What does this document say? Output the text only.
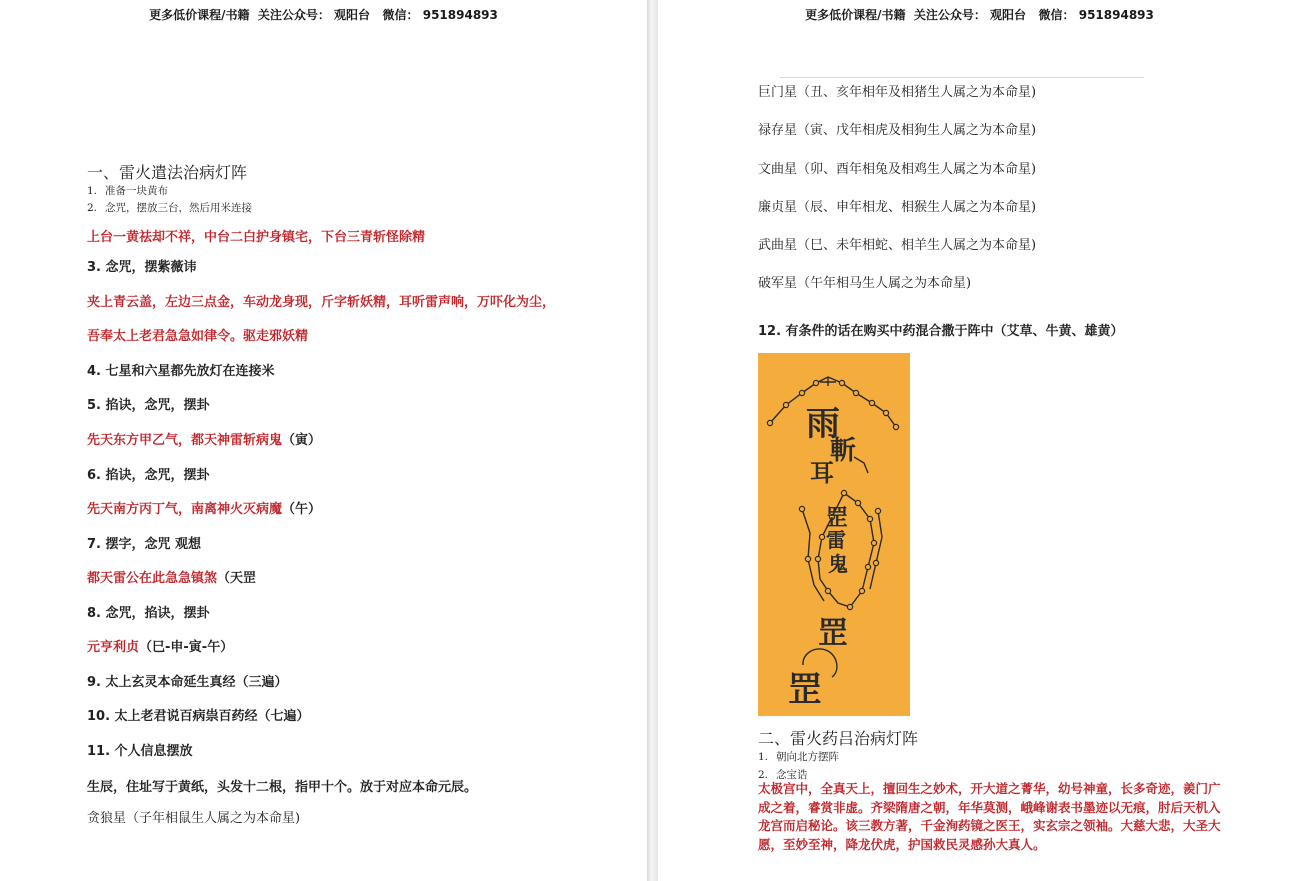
更多低价课程/书籍  关注公众号： 观阳台   微信： 951894893
一、雷火遣法治病灯阵
1. 准备一块黄布
2. 念咒，摆放三台，然后用米连接
上台一黄祛却不祥，中台二白护身镇宅，下台三青斩怪除精
3. 念咒，摆紫薇讳
夹上青云盖，左边三点金，车动龙身现，斤字斩妖精，耳听雷声响，万吓化为尘，
吾奉太上老君急急如律令。驱走邪妖精
4. 七星和六星都先放灯在连接米
5. 掐诀，念咒，摆卦
先天东方甲乙气，都天神雷斩病鬼（寅）
6. 掐诀，念咒，摆卦
先天南方丙丁气，南离神火灭病魔（午）
7. 摆字，念咒 观想
都天雷公在此急急镇煞（天罡
8. 念咒，掐诀，摆卦
元亨利贞（巳-申-寅-午）
9. 太上玄灵本命延生真经（三遍）
10. 太上老君说百病祟百药经（七遍）
11. 个人信息摆放
生辰，住址写于黄纸，头发十二根，指甲十个。放于对应本命元辰。
贪狼星（子年相鼠生人属之为本命星)
更多低价课程/书籍  关注公众号： 观阳台   微信： 951894893
巨门星（丑、亥年相年及相猪生人属之为本命星)
禄存星（寅、戊年相虎及相狗生人属之为本命星)
文曲星（卯、酉年相兔及相鸡生人属之为本命星)
廉贞星（辰、申年相龙、相猴生人属之为本命星)
武曲星（巳、未年相蛇、相羊生人属之为本命星)
破军星（午年相马生人属之为本命星)
12. 有条件的话在购买中药混合撒于阵中（艾草、牛黄、雄黄）
雨
斬
耳
罡
雷
鬼
罡
罡
二、雷火药吕治病灯阵
1. 朝向北方摆阵
2. 念宝诰
太极宫中，全真天上，擅回生之妙术，开大道之菁华，幼号神童，长多奇迹，羨门广成之着，睿赏非虚。齐梁隋唐之朝，年华莫测，峨峰谢表书墨迹以无痕，肘后天机入龙宫而启秘论。该三教方著，千金洵药镜之医王，实玄宗之领袖。大慈大悲，大圣大愿，至妙至神，降龙伏虎，护国救民灵感孙大真人。
